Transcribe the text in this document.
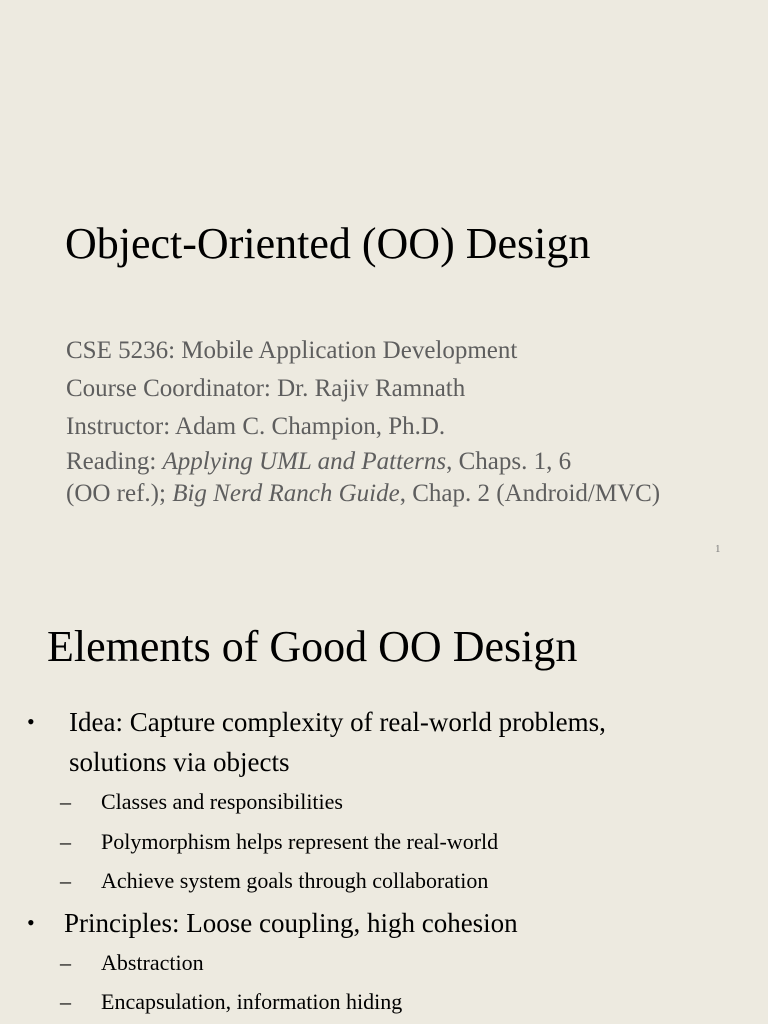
Object-Oriented (OO) Design
CSE 5236: Mobile Application Development
Course Coordinator: Dr. Rajiv Ramnath
Instructor: Adam C. Champion, Ph.D.
Reading: Applying UML and Patterns, Chaps. 1, 6
(OO ref.); Big Nerd Ranch Guide, Chap. 2 (Android/MVC)
1
Elements of Good OO Design
• Idea: Capture complexity of real-world problems,
solutions via objects
– Classes and responsibilities
– Polymorphism helps represent the real-world
– Achieve system goals through collaboration
• Principles: Loose coupling, high cohesion
– Abstraction
– Encapsulation, information hiding
